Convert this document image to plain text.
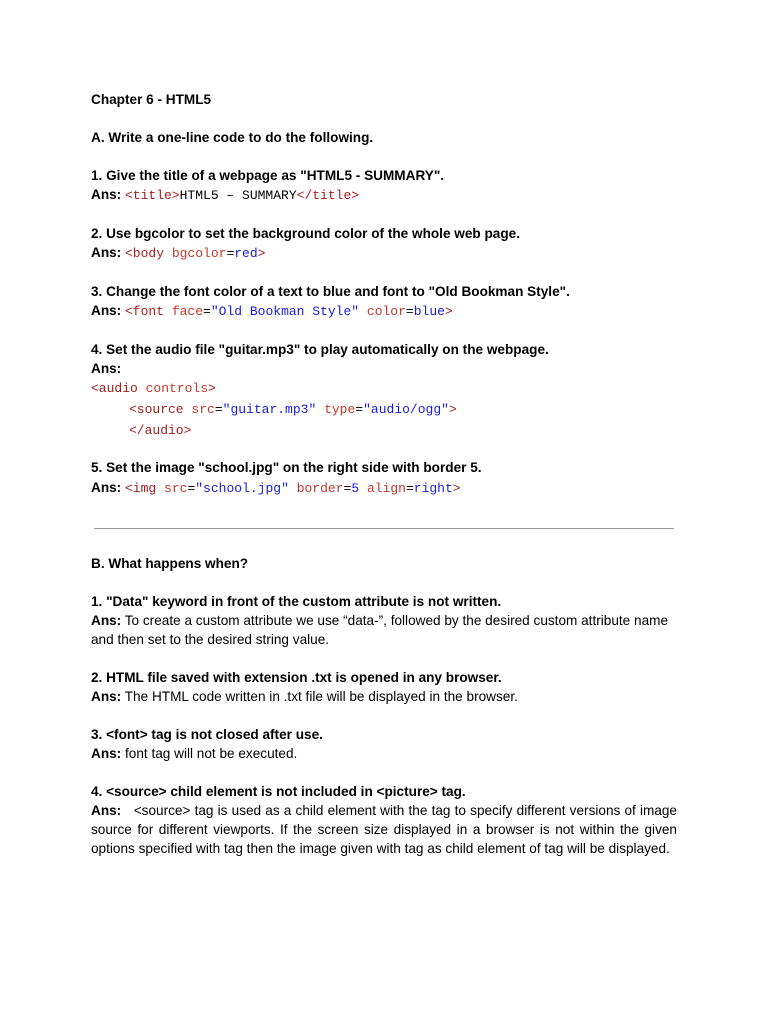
Chapter 6 - HTML5

A. Write a one-line code to do the following.

1. Give the title of a webpage as "HTML5 - SUMMARY".

Ans: <title>HTML5 – SUMMARY</title>

2. Use bgcolor to set the background color of the whole web page.

Ans: <body bgcolor=red>

3. Change the font color of a text to blue and font to "Old Bookman Style".

Ans: <font face="Old Bookman Style" color=blue>

4. Set the audio file "guitar.mp3" to play automatically on the webpage.

Ans:

<audio controls>
<source src="guitar.mp3" type="audio/ogg">
</audio>

5. Set the image "school.jpg" on the right side with border 5.

Ans: <img src="school.jpg" border=5 align=right>

B. What happens when?

1. "Data" keyword in front of the custom attribute is not written.

Ans: To create a custom attribute we use “data-”, followed by the desired custom attribute name and then set to the desired string value.

2. HTML file saved with extension .txt is opened in any browser.

Ans: The HTML code written in .txt file will be displayed in the browser.

3. <font> tag is not closed after use.

Ans: font tag will not be executed.

4. <source> child element is not included in <picture> tag.

Ans: <source> tag is used as a child element with the tag to specify different versions of image source for different viewports. If the screen size displayed in a browser is not within the given options specified with tag then the image given with tag as child element of tag will be displayed.
